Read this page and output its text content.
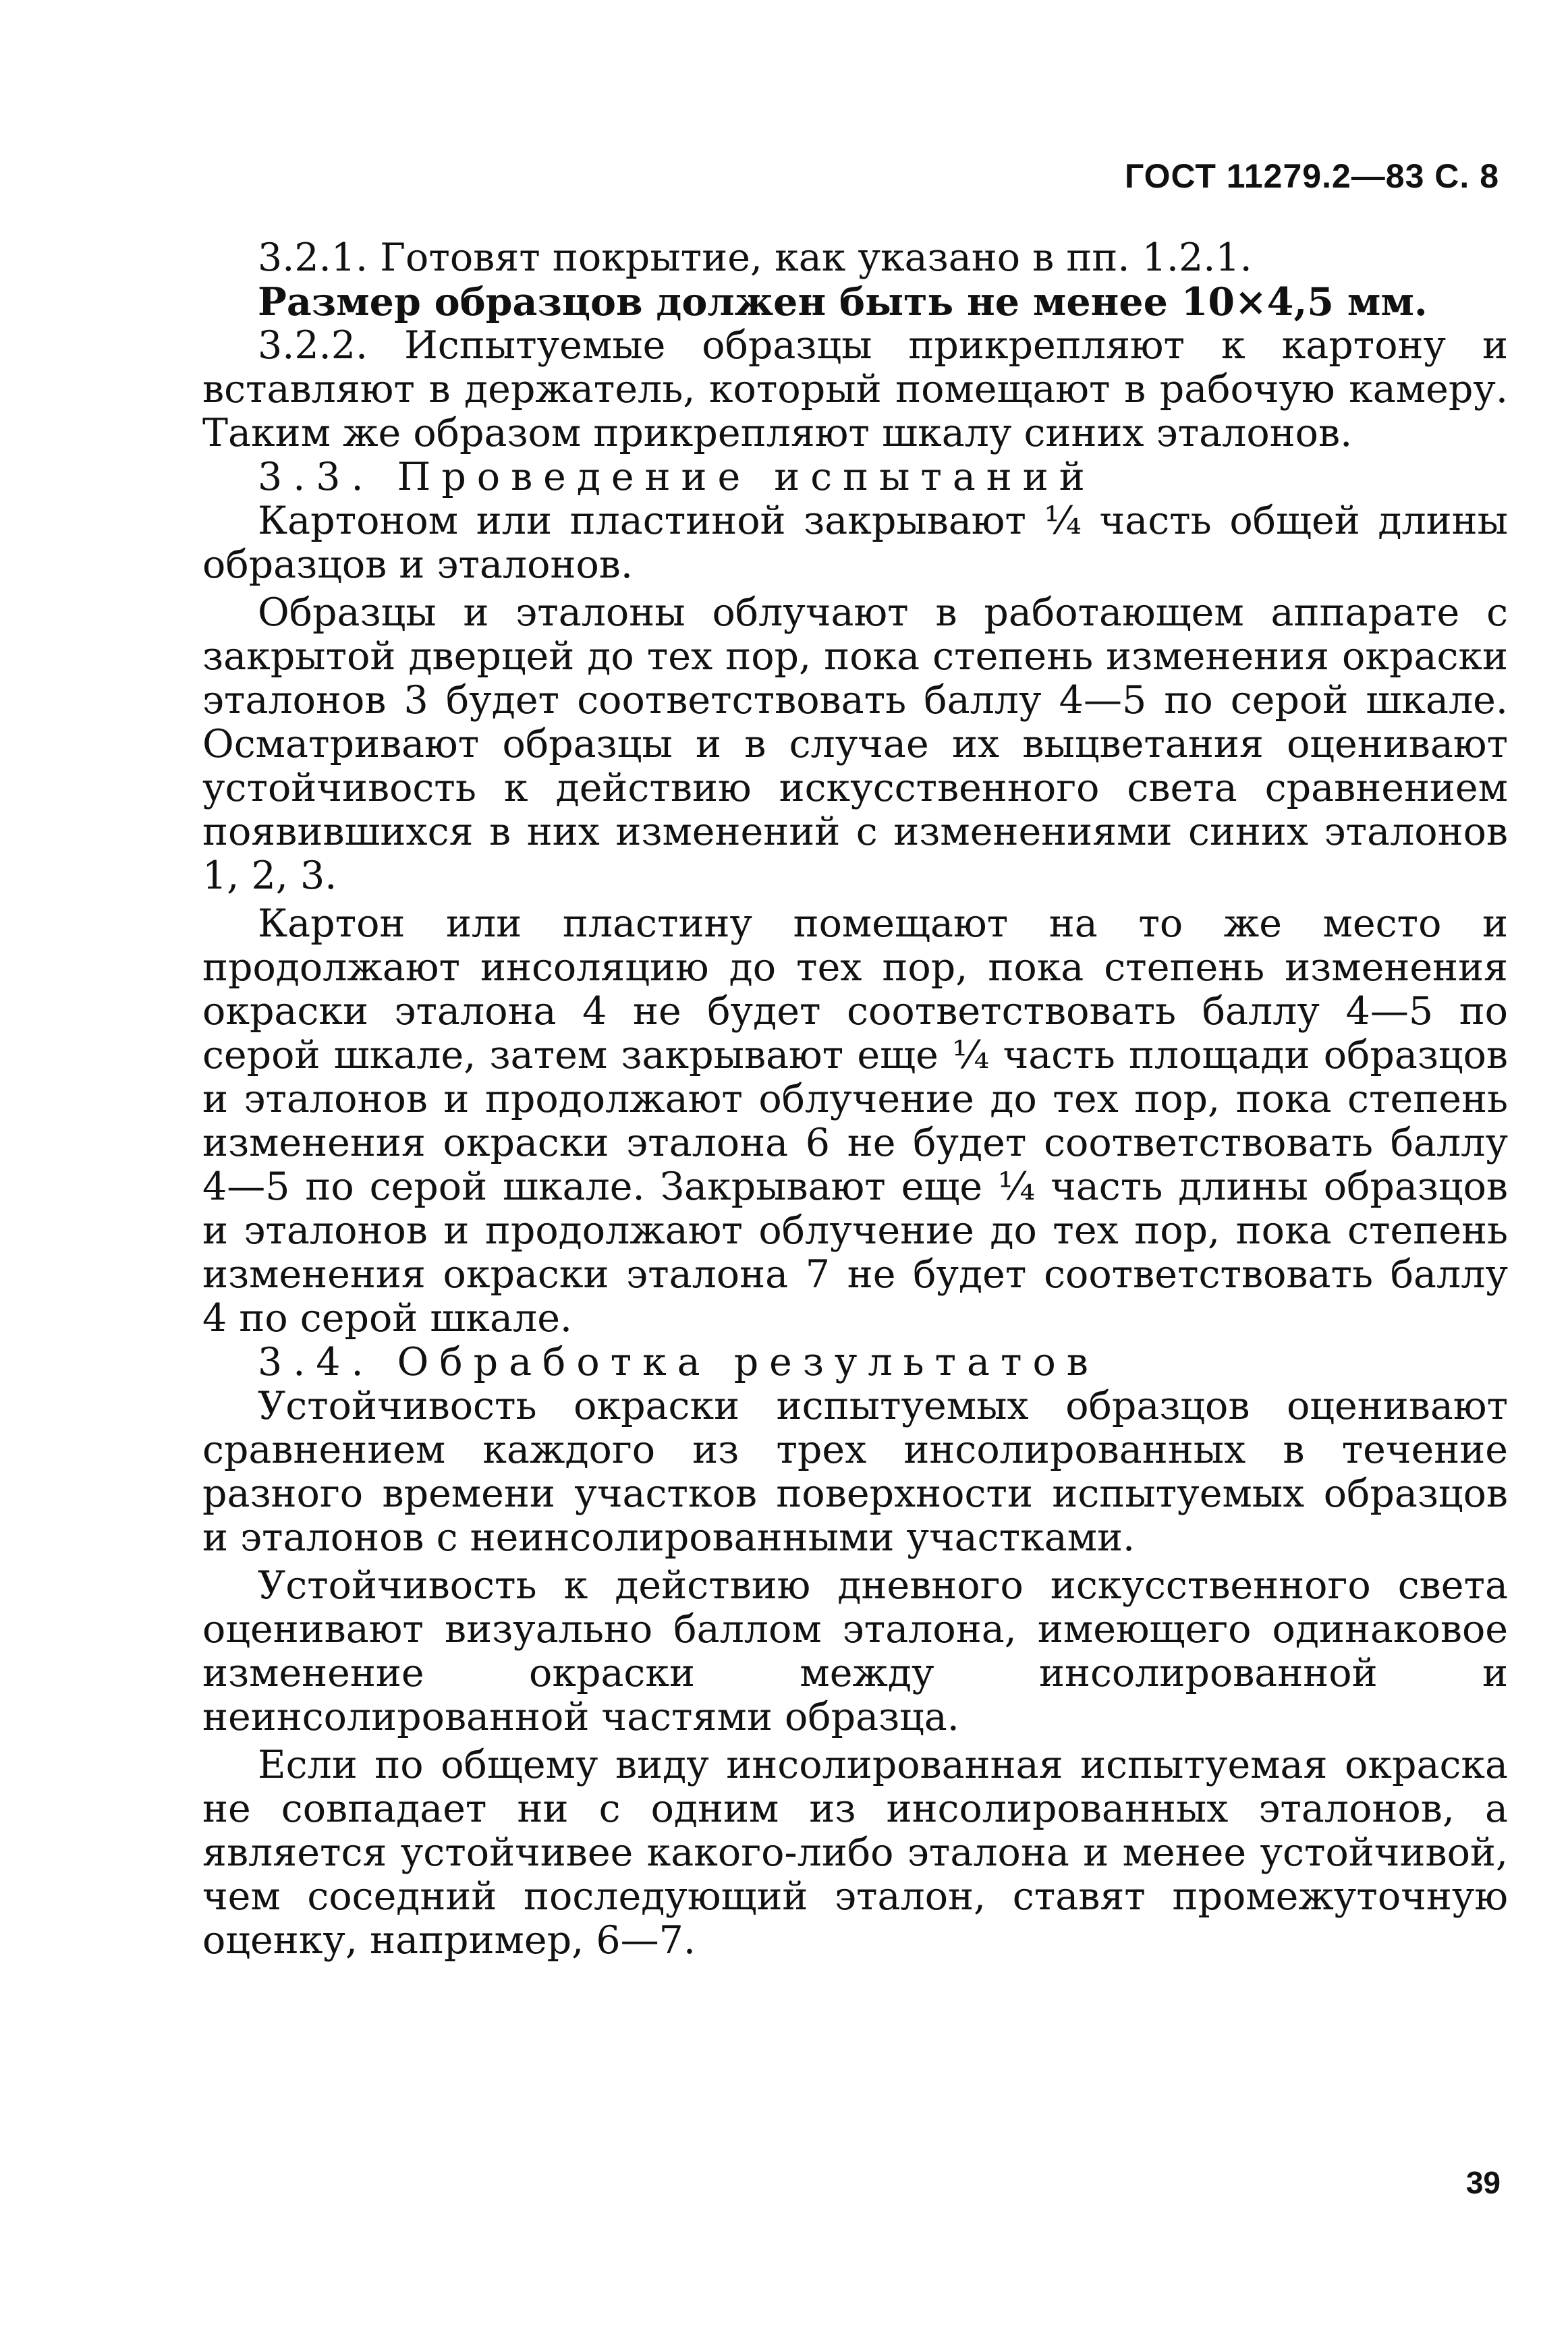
ГОСТ 11279.2—83 С. 8

3.2.1. Готовят покрытие, как указано в пп. 1.2.1.

Размер образцов должен быть не менее 10×4,5 мм.

3.2.2. Испытуемые образцы прикрепляют к картону и вставляют в держатель, который помещают в рабочую камеру. Таким же образом прикрепляют шкалу синих эталонов.

3.3. Проведение испытаний

Картоном или пластиной закрывают ¼ часть общей длины образцов и эталонов.

Образцы и эталоны облучают в работающем аппарате с закрытой дверцей до тех пор, пока степень изменения окраски эталонов 3 будет соответствовать баллу 4—5 по серой шкале. Осматривают образцы и в случае их выцветания оценивают устойчивость к действию искусственного света сравнением появившихся в них изменений с изменениями синих эталонов 1, 2, 3.

Картон или пластину помещают на то же место и продолжают инсоляцию до тех пор, пока степень изменения окраски эталона 4 не будет соответствовать баллу 4—5 по серой шкале, затем закрывают еще ¼ часть площади образцов и эталонов и продолжают облучение до тех пор, пока степень изменения окраски эталона 6 не будет соответствовать баллу 4—5 по серой шкале. Закрывают еще ¼ часть длины образцов и эталонов и продолжают облучение до тех пор, пока степень изменения окраски эталона 7 не будет соответствовать баллу 4 по серой шкале.

3.4. Обработка результатов

Устойчивость окраски испытуемых образцов оценивают сравнением каждого из трех инсолированных в течение разного времени участков поверхности испытуемых образцов и эталонов с неинсолированными участками.

Устойчивость к действию дневного искусственного света оценивают визуально баллом эталона, имеющего одинаковое изменение окраски между инсолированной и неинсолированной частями образца.

Если по общему виду инсолированная испытуемая окраска не совпадает ни с одним из инсолированных эталонов, а является устойчивее какого-либо эталона и менее устойчивой, чем соседний последующий эталон, ставят промежуточную оценку, например, 6—7.

39
